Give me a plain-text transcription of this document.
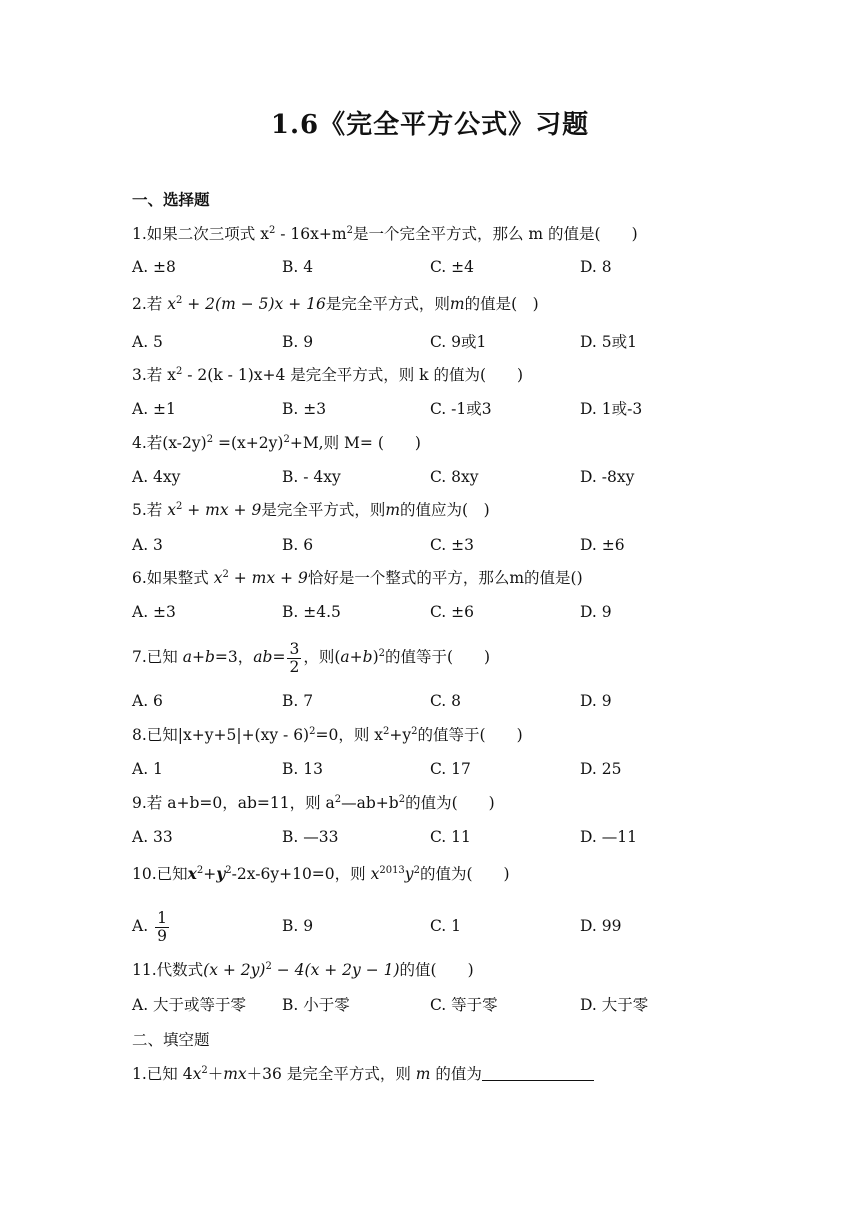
1.6《完全平方公式》习题
一、选择题
1.如果二次三项式 $x^2 - 16x+m^2$是一个完全平方式，那么 m 的值是(　　)
A. ±8	B. 4	C. ±4	D. 8
2.若 $x^2 + 2(m - 5)x + 16$是完全平方式，则m的值是(　)
A. 5	B. 9	C. 9或1	D. 5或1
3.若 $x^2 - 2(k - 1)x+4$ 是完全平方式，则 k 的值为(　　)
A. ±1	B. ±3	C. -1或3	D. 1或-3
4.若$(x-2y)^2 =(x+2y)^2+M$,则 M= (　　)
A. 4xy	B. - 4xy	C. 8xy	D. -8xy
5.若 $x^2$ + mx + 9是完全平方式，则m的值应为(　)
A. 3	B. 6	C. ±3	D. ±6
6.如果整式 $x^2$ + mx + 9恰好是一个整式的平方，那么m的值是()
A. ±3	B. ±4.5	C. ±6	D. 9
7.已知 a+b=3，$ab= \frac{3}{2}$ ，则$(a+b)^2$的值等于(　　)
A. 6	B. 7	C. 8	D. 9
8.已知|x+y+5|+(xy - 6)$^2$=0，则 $x^2+y^2$的值等于(　　)
A. 1	B. 13	C. 17	D. 25
9.若 a+b=0，ab=11，则 $a^2—ab+b^2$的值为(　　)
A. 33	B. —33	C. 11	D. —11
10.已知$x^2+y^2-2x-6y+10=0$，则 $x^{2013}y^2$的值为(　　)
A. $\frac{1}{9}$	B. 9	C. 1	D. 99
11.代数式$(x + 2y)^2 - 4(x + 2y - 1)$的值(　　)
A. 大于或等于零 B. 小于零	C. 等于零	D. 大于零
二、填空题
1.已知 $4x^2+mx+36$ 是完全平方式，则 m 的值为
